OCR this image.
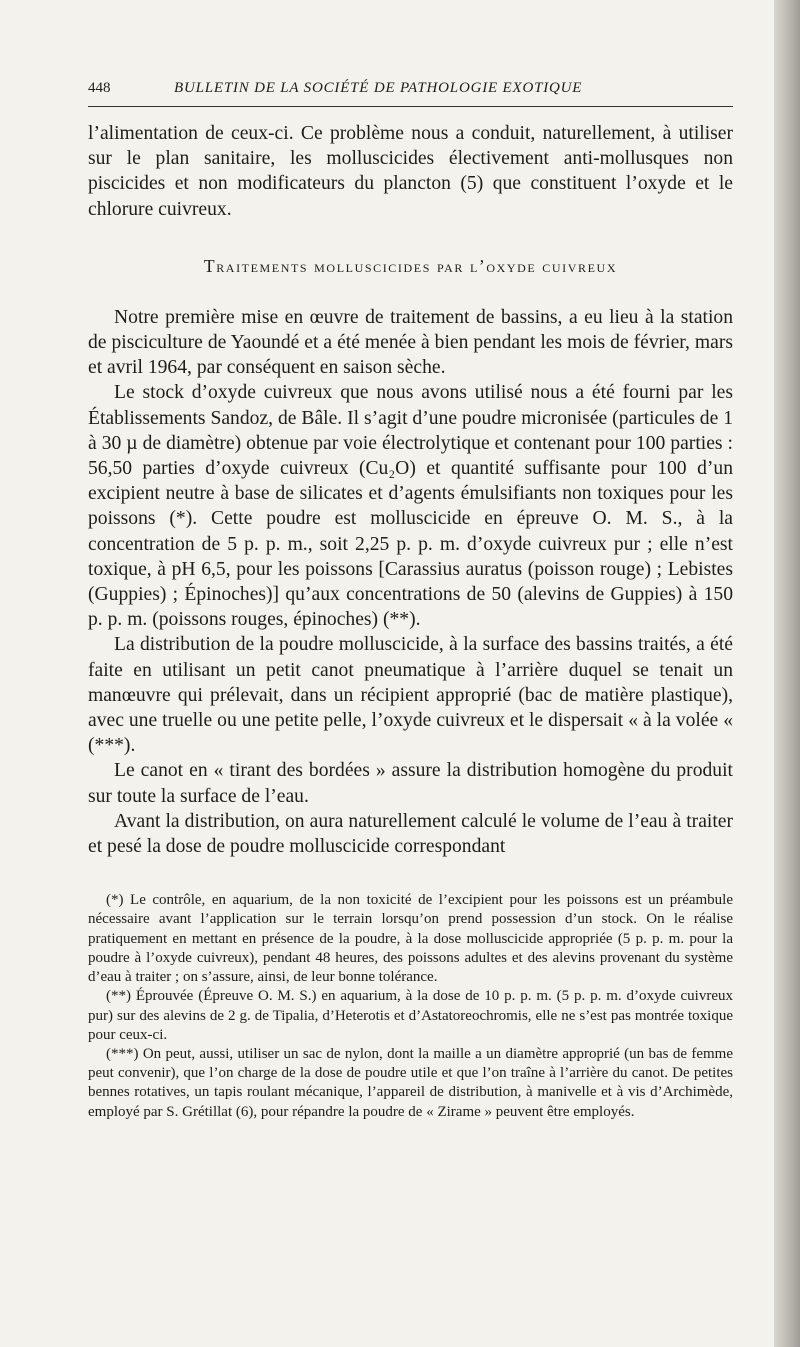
448	BULLETIN DE LA SOCIÉTÉ DE PATHOLOGIE EXOTIQUE

l’alimentation de ceux-ci. Ce problème nous a conduit, naturellement, à utiliser sur le plan sanitaire, les molluscicides électivement anti-mollusques non piscicides et non modificateurs du plancton (5) que constituent l’oxyde et le chlorure cuivreux.

Traitements molluscicides par l’oxyde cuivreux

Notre première mise en œuvre de traitement de bassins, a eu lieu à la station de pisciculture de Yaoundé et a été menée à bien pendant les mois de février, mars et avril 1964, par conséquent en saison sèche.

Le stock d’oxyde cuivreux que nous avons utilisé nous a été fourni par les Établissements Sandoz, de Bâle. Il s’agit d’une poudre micronisée (particules de 1 à 30 µ de diamètre) obtenue par voie électrolytique et contenant pour 100 parties : 56,50 parties d’oxyde cuivreux (Cu₂O) et quantité suffisante pour 100 d’un excipient neutre à base de silicates et d’agents émulsifiants non toxiques pour les poissons (*). Cette poudre est molluscicide en épreuve O. M. S., à la concentration de 5 p. p. m., soit 2,25 p. p. m. d’oxyde cuivreux pur ; elle n’est toxique, à pH 6,5, pour les poissons [Carassius auratus (poisson rouge) ; Lebistes (Guppies) ; Épinoches)] qu’aux concentrations de 50 (alevins de Guppies) à 150 p. p. m. (poissons rouges, épinoches) (**).

La distribution de la poudre molluscicide, à la surface des bassins traités, a été faite en utilisant un petit canot pneumatique à l’arrière duquel se tenait un manœuvre qui prélevait, dans un récipient approprié (bac de matière plastique), avec une truelle ou une petite pelle, l’oxyde cuivreux et le dispersait « à la volée « (***).

Le canot en « tirant des bordées » assure la distribution homogène du produit sur toute la surface de l’eau.

Avant la distribution, on aura naturellement calculé le volume de l’eau à traiter et pesé la dose de poudre molluscicide correspondant

(*) Le contrôle, en aquarium, de la non toxicité de l’excipient pour les poissons est un préambule nécessaire avant l’application sur le terrain lorsqu’on prend possession d’un stock. On le réalise pratiquement en mettant en présence de la poudre, à la dose molluscicide appropriée (5 p. p. m. pour la poudre à l’oxyde cuivreux), pendant 48 heures, des poissons adultes et des alevins provenant du système d’eau à traiter ; on s’assure, ainsi, de leur bonne tolérance.

(**) Éprouvée (Épreuve O. M. S.) en aquarium, à la dose de 10 p. p. m. (5 p. p. m. d’oxyde cuivreux pur) sur des alevins de 2 g. de Tipalia, d’Heterotis et d’Astatoreochromis, elle ne s’est pas montrée toxique pour ceux-ci.

(***) On peut, aussi, utiliser un sac de nylon, dont la maille a un diamètre approprié (un bas de femme peut convenir), que l’on charge de la dose de poudre utile et que l’on traîne à l’arrière du canot. De petites bennes rotatives, un tapis roulant mécanique, l’appareil de distribution, à manivelle et à vis d’Archimède, employé par S. Grétillat (6), pour répandre la poudre de « Zirame » peuvent être employés.
